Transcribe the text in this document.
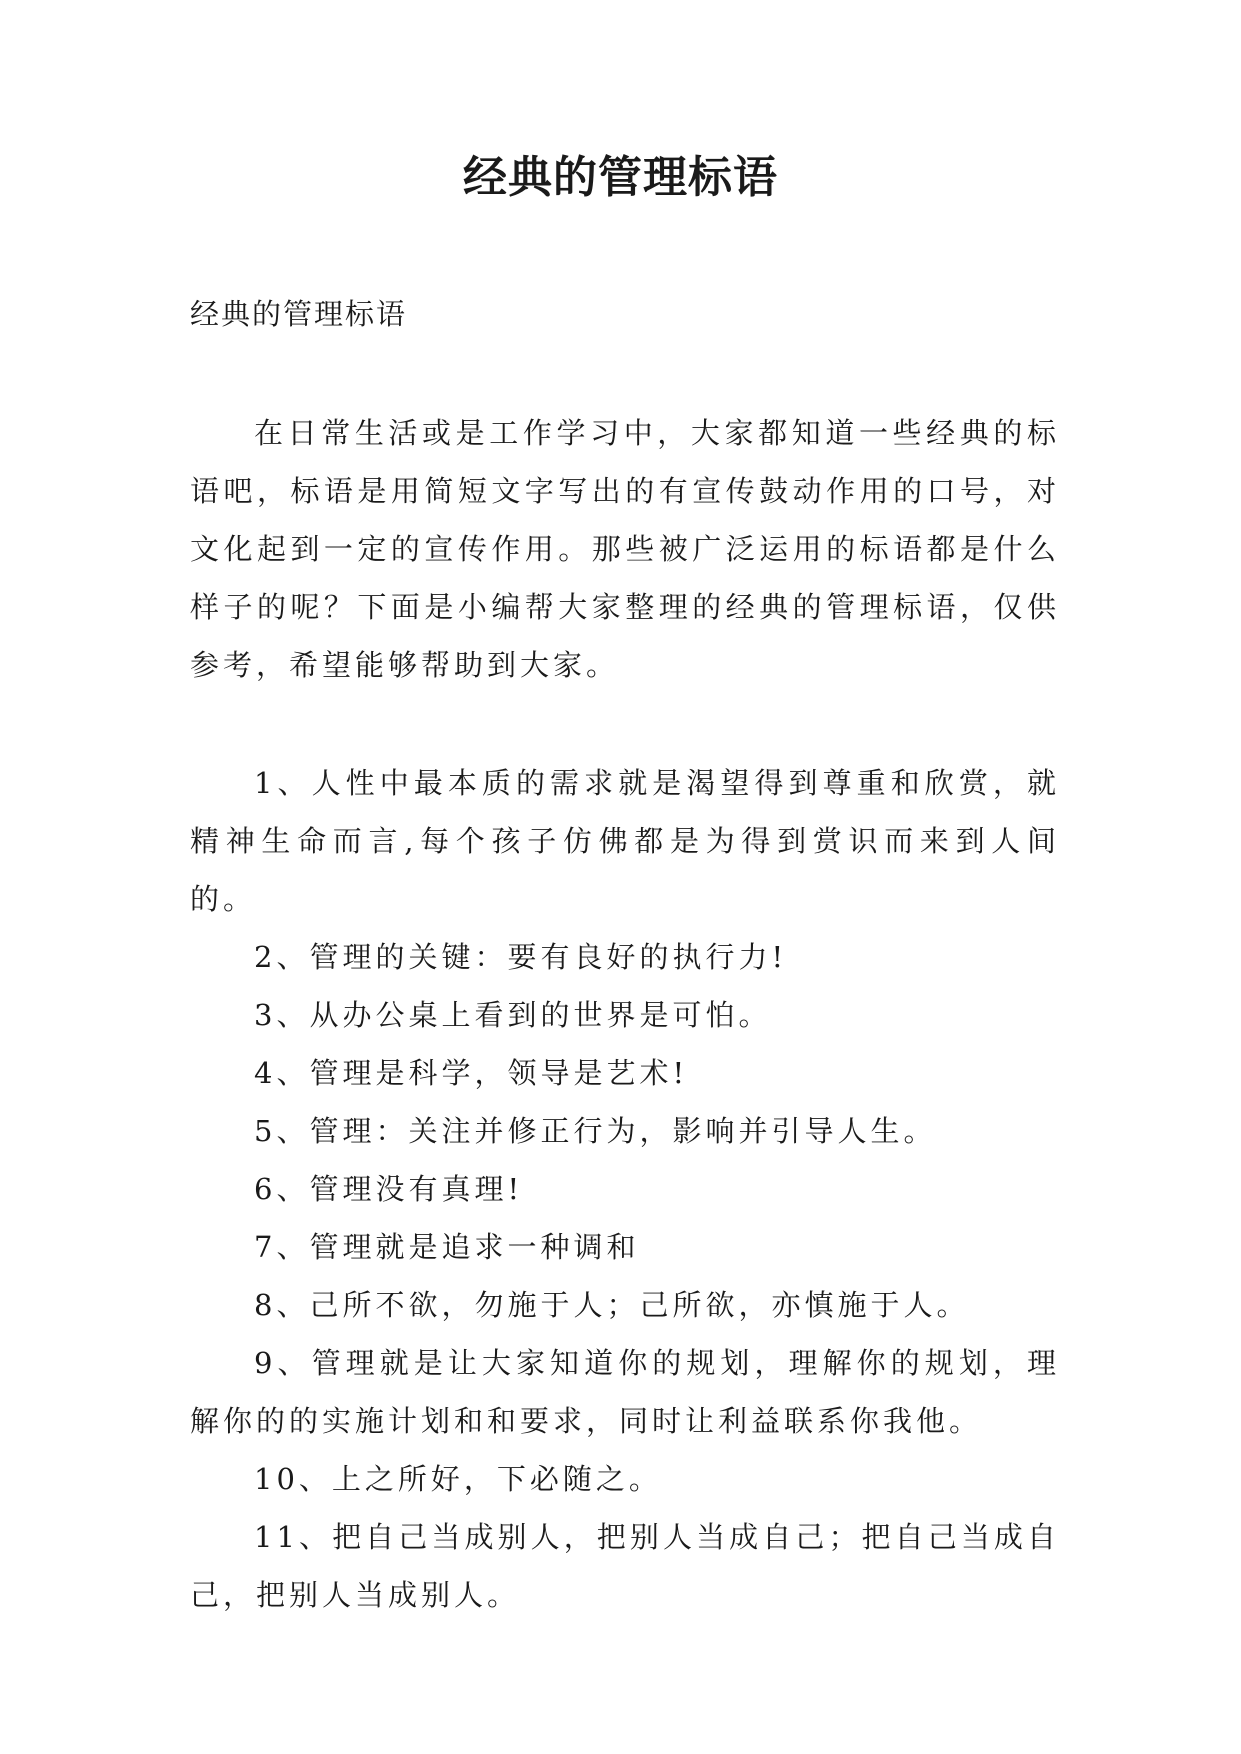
经典的管理标语
经典的管理标语

在日常生活或是工作学习中，大家都知道一些经典的标语吧，标语是用简短文字写出的有宣传鼓动作用的口号，对文化起到一定的宣传作用。那些被广泛运用的标语都是什么样子的呢？下面是小编帮大家整理的经典的管理标语，仅供参考，希望能够帮助到大家。

1、人性中最本质的需求就是渴望得到尊重和欣赏，就精神生命而言,每个孩子仿佛都是为得到赏识而来到人间的。

2、管理的关键：要有良好的执行力!

3、从办公桌上看到的世界是可怕。

4、管理是科学，领导是艺术!

5、管理：关注并修正行为，影响并引导人生。

6、管理没有真理!

7、管理就是追求一种调和

8、己所不欲，勿施于人；己所欲，亦慎施于人。

9、管理就是让大家知道你的规划，理解你的规划，理解你的的实施计划和和要求，同时让利益联系你我他。

10、上之所好，下必随之。

11、把自己当成别人，把别人当成自己；把自己当成自己，把别人当成别人。
